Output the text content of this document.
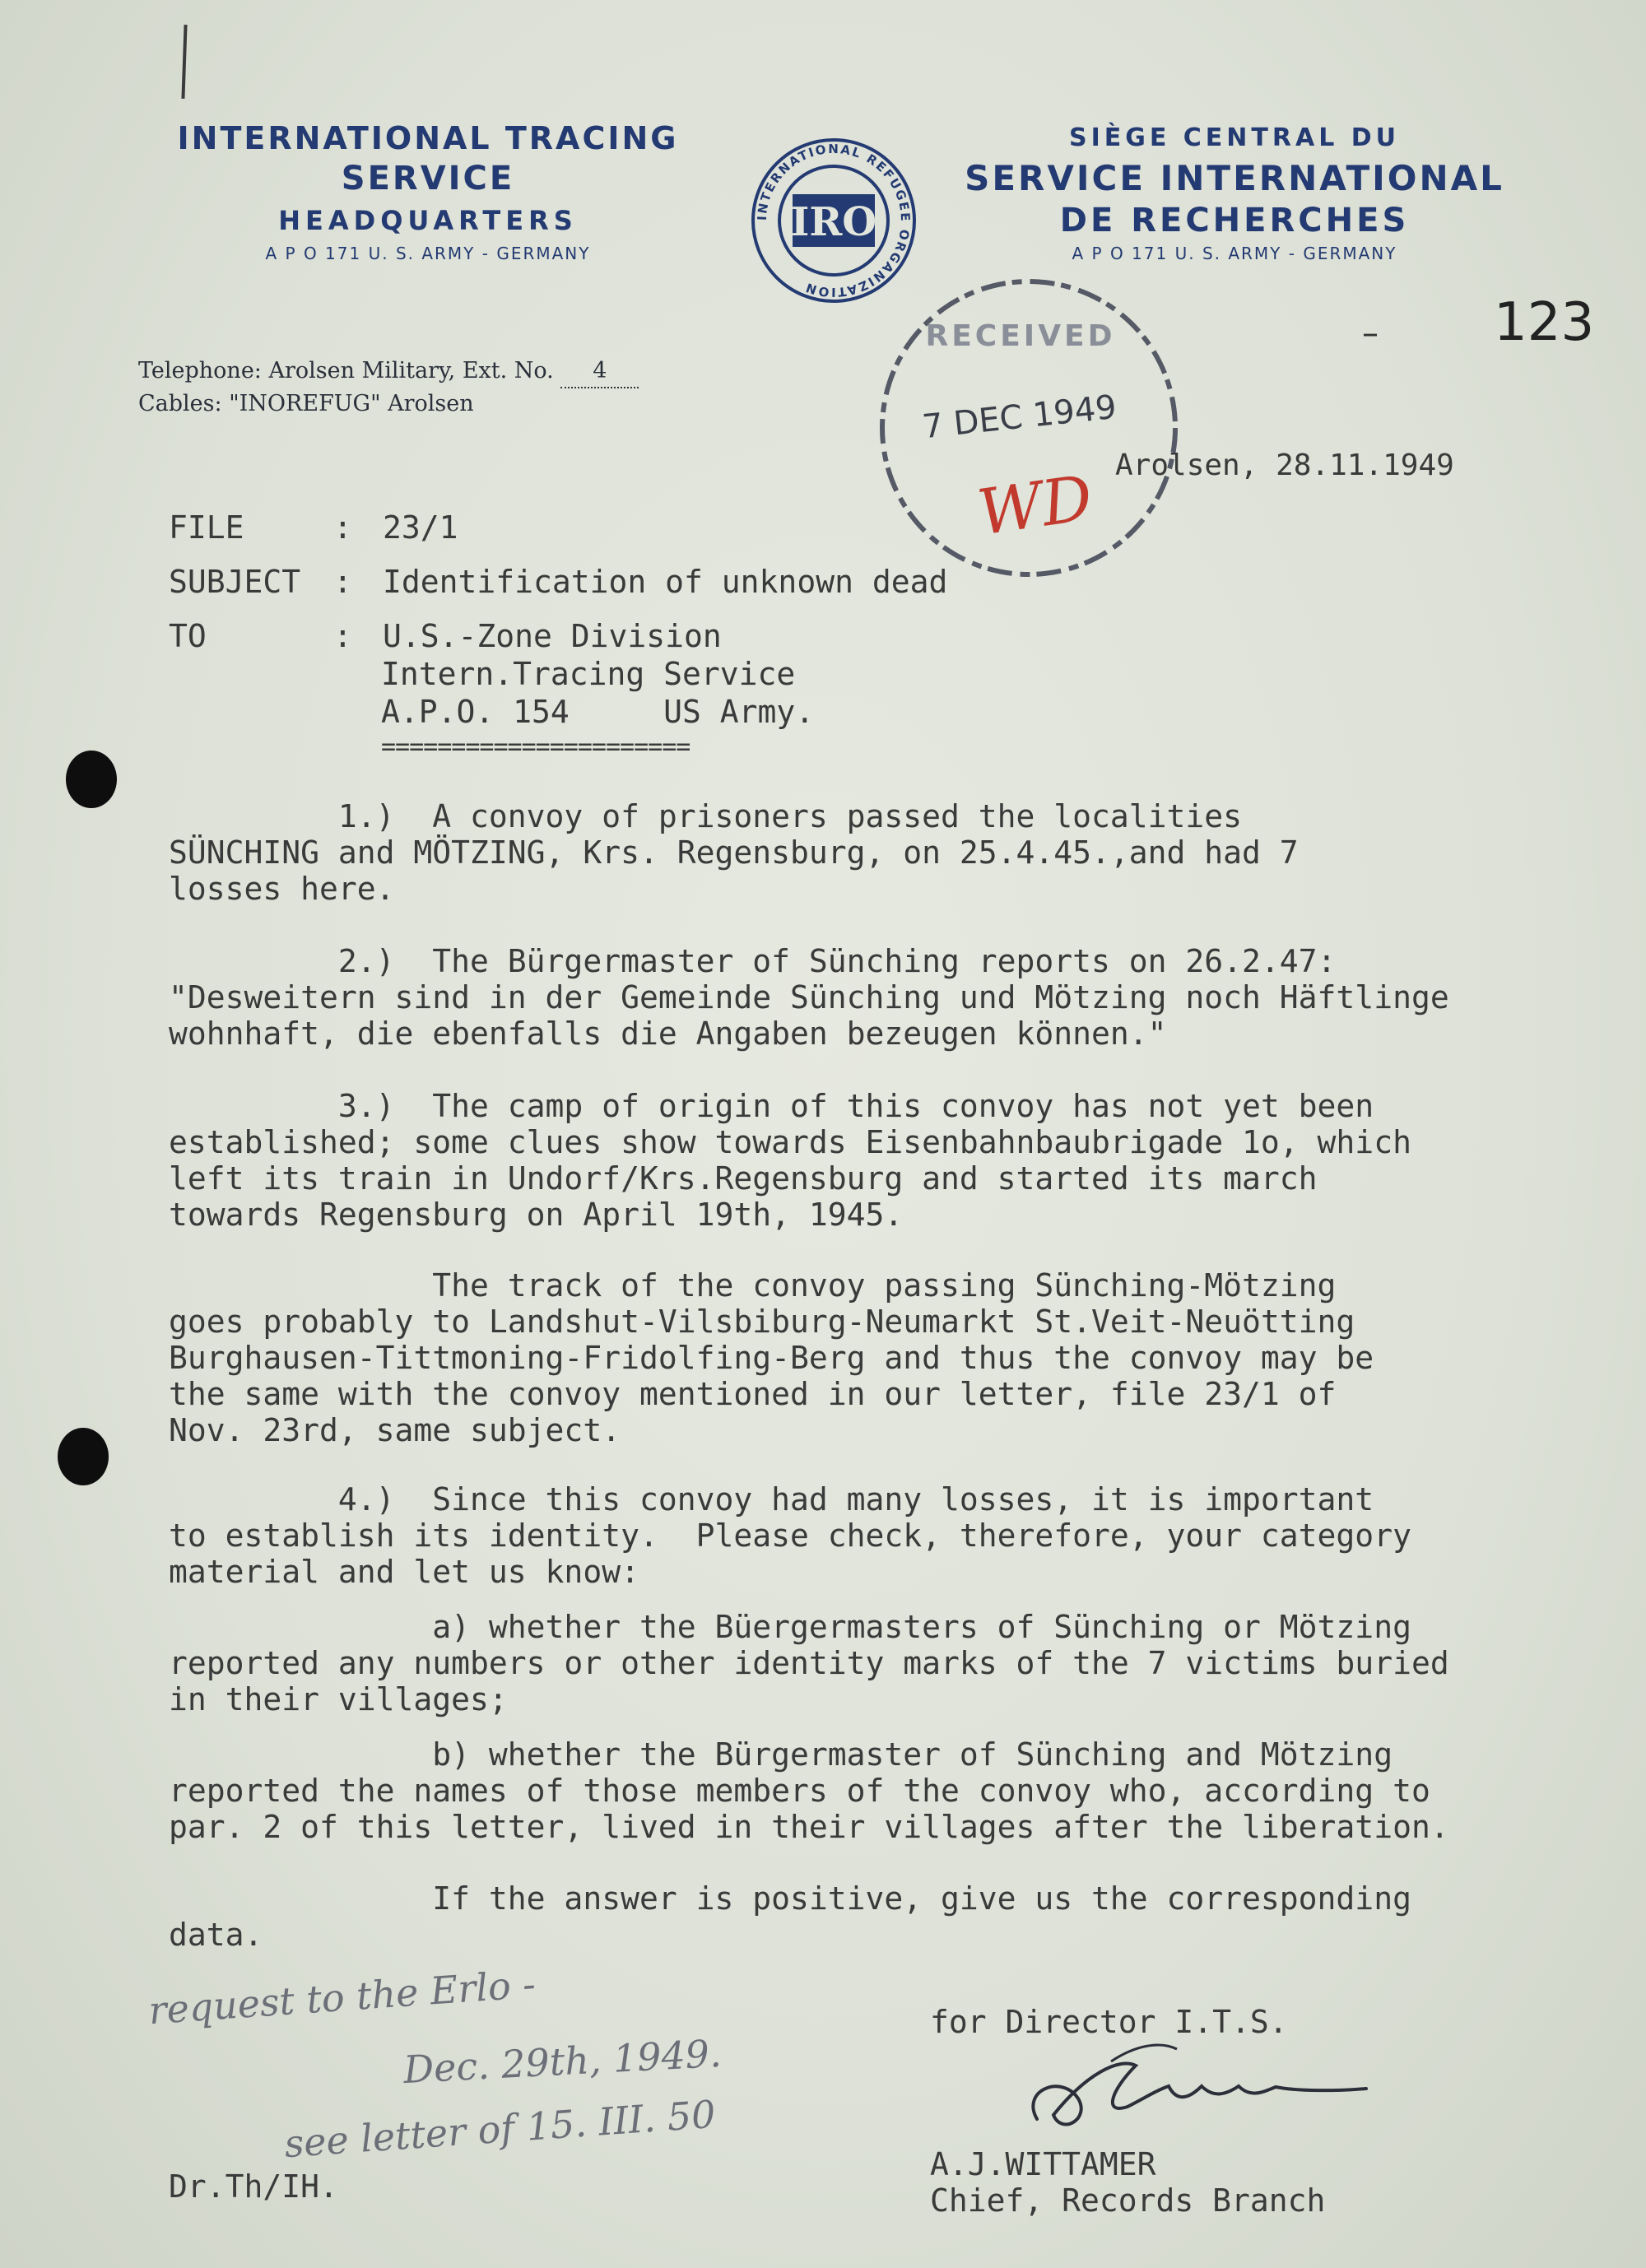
INTERNATIONAL TRACING
SERVICE
HEADQUARTERS
A P O 171 U. S. ARMY - GERMANY
INTERNATIONAL REFUGEE ORGANIZATION
IRO
SIÈGE CENTRAL DU
SERVICE INTERNATIONAL
DE RECHERCHES
A P O 171 U. S. ARMY - GERMANY
Telephone: Arolsen Military, Ext. No. 4
Cables: "INOREFUG" Arolsen
– 123
RECEIVED
7 DEC 1949
WD Arolsen, 28.11.1949
FILE	: 23/1
SUBJECT : Identification of unknown dead
TO	: U.S.-Zone Division
Intern.Tracing Service
A.P.O. 154     US Army.
======================
1.)  A convoy of prisoners passed the localities
SÜNCHING and MÖTZING, Krs. Regensburg, on 25.4.45.,and had 7
losses here.
2.)  The Bürgermaster of Sünching reports on 26.2.47:
"Desweitern sind in der Gemeinde Sünching und Mötzing noch Häftlinge
wohnhaft, die ebenfalls die Angaben bezeugen können."
3.)  The camp of origin of this convoy has not yet been
established; some clues show towards Eisenbahnbaubrigade 1o, which
left its train in Undorf/Krs.Regensburg and started its march
towards Regensburg on April 19th, 1945.
The track of the convoy passing Sünching-Mötzing
goes probably to Landshut-Vilsbiburg-Neumarkt St.Veit-Neuötting
Burghausen-Tittmoning-Fridolfing-Berg and thus the convoy may be
the same with the convoy mentioned in our letter, file 23/1 of
Nov. 23rd, same subject.
4.)  Since this convoy had many losses, it is important
to establish its identity.  Please check, therefore, your category
material and let us know:
a) whether the Büergermasters of Sünching or Mötzing
reported any numbers or other identity marks of the 7 victims buried
in their villages;
b) whether the Bürgermaster of Sünching and Mötzing
reported the names of those members of the convoy who, according to
par. 2 of this letter, lived in their villages after the liberation.
If the answer is positive, give us the corresponding
data.
for Director I.T.S.
A.J.WITTAMER
Chief, Records Branch
Dr.Th/IH.
request to the Erlo -
Dec. 29th, 1949.
see letter of 15. III. 50
